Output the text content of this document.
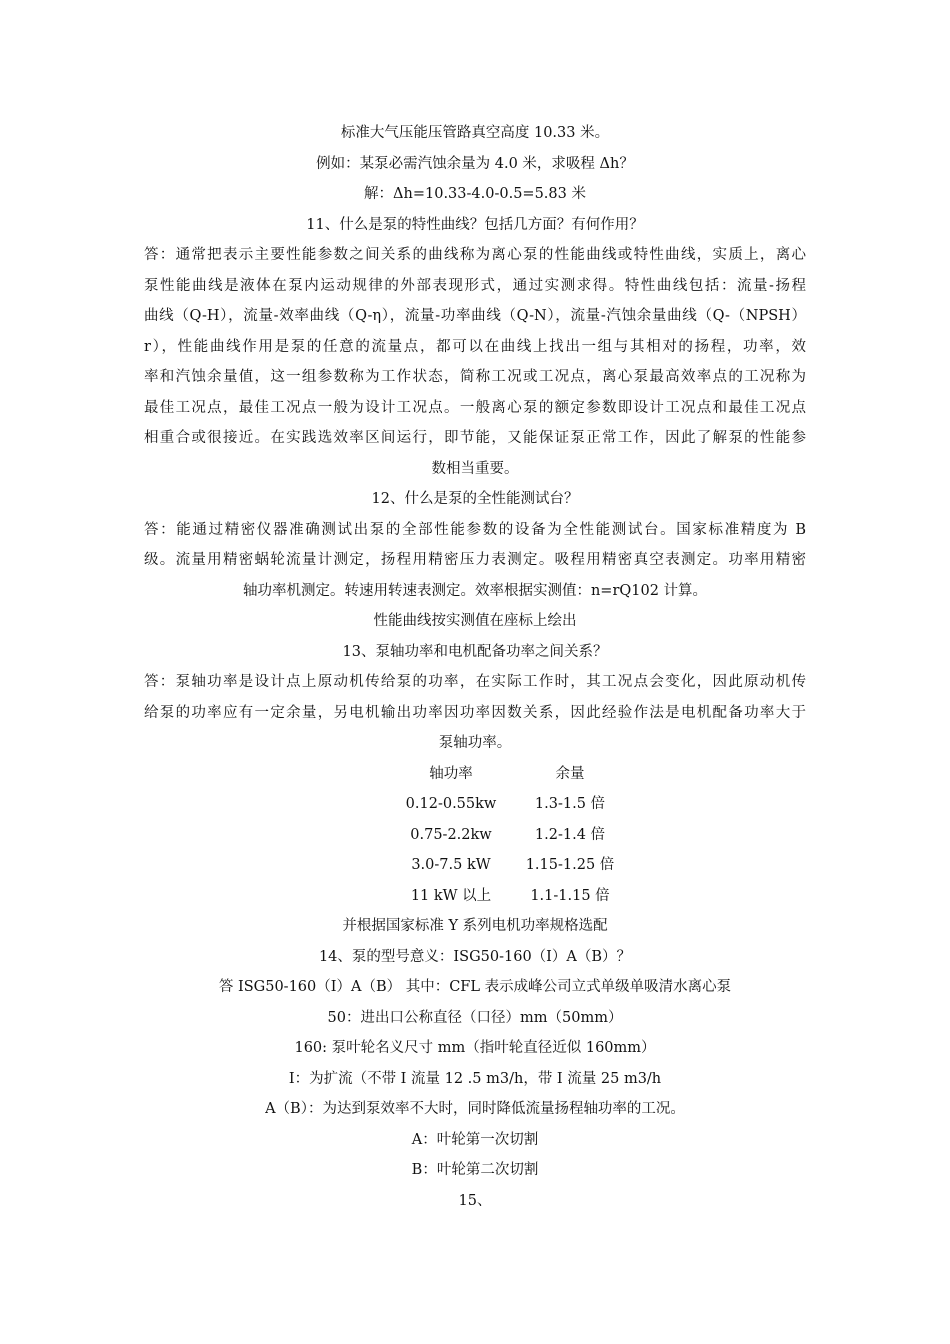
标准大气压能压管路真空高度 10.33 米。
例如：某泵必需汽蚀余量为 4.0 米，求吸程 Δh？
解：Δh=10.33-4.0-0.5=5.83 米
11、什么是泵的特性曲线？包括几方面？有何作用？
答：通常把表示主要性能参数之间关系的曲线称为离心泵的性能曲线或特性曲线，实质上，离心
泵性能曲线是液体在泵内运动规律的外部表现形式，通过实测求得。特性曲线包括：流量-扬程
曲线（Q-H），流量-效率曲线（Q-η），流量-功率曲线（Q-N），流量-汽蚀余量曲线（Q-（NPSH）
r），性能曲线作用是泵的任意的流量点，都可以在曲线上找出一组与其相对的扬程，功率，效
率和汽蚀余量值，这一组参数称为工作状态，简称工况或工况点，离心泵最高效率点的工况称为
最佳工况点，最佳工况点一般为设计工况点。一般离心泵的额定参数即设计工况点和最佳工况点
相重合或很接近。在实践选效率区间运行，即节能，又能保证泵正常工作，因此了解泵的性能参
数相当重要。
12、什么是泵的全性能测试台？
答：能通过精密仪器准确测试出泵的全部性能参数的设备为全性能测试台。国家标准精度为 B
级。流量用精密蜗轮流量计测定，扬程用精密压力表测定。吸程用精密真空表测定。功率用精密
轴功率机测定。转速用转速表测定。效率根据实测值：n=rQ102 计算。
性能曲线按实测值在座标上绘出
13、泵轴功率和电机配备功率之间关系？
答：泵轴功率是设计点上原动机传给泵的功率，在实际工作时，其工况点会变化，因此原动机传
给泵的功率应有一定余量，另电机输出功率因功率因数关系，因此经验作法是电机配备功率大于
泵轴功率。
轴功率	余量
0.12-0.55kw	1.3-1.5 倍
0.75-2.2kw	1.2-1.4 倍
3.0-7.5 kW	1.15-1.25 倍
11 kW 以上	1.1-1.15 倍
并根据国家标准 Y 系列电机功率规格选配
14、泵的型号意义：ISG50-160（I）A（B）？
答 ISG50-160（I）A（B） 其中：CFL 表示成峰公司立式单级单吸清水离心泵
50：进出口公称直径（口径）mm（50mm）
160: 泵叶轮名义尺寸 mm（指叶轮直径近似 160mm）
I：为扩流（不带 I 流量 12 .5 m3/h，带 I 流量 25 m3/h
A（B）：为达到泵效率不大时，同时降低流量扬程轴功率的工况。
A：叶轮第一次切割
B：叶轮第二次切割
15、
